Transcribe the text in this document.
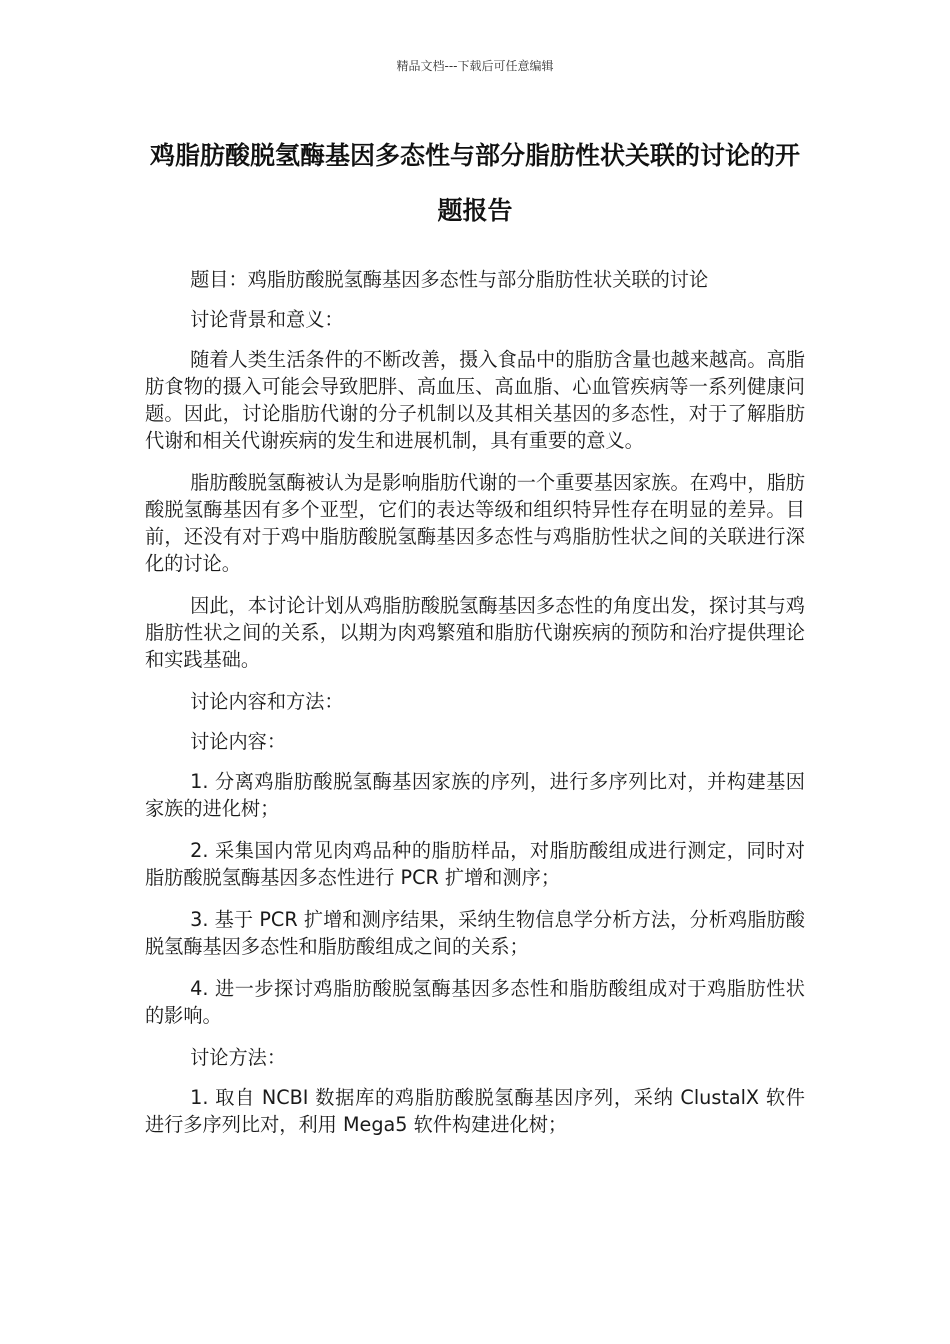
精品文档---下载后可任意编辑
鸡脂肪酸脱氢酶基因多态性与部分脂肪性状关联的讨论的开题报告

题目：鸡脂肪酸脱氢酶基因多态性与部分脂肪性状关联的讨论

讨论背景和意义：

随着人类生活条件的不断改善，摄入食品中的脂肪含量也越来越高。高脂肪食物的摄入可能会导致肥胖、高血压、高血脂、心血管疾病等一系列健康问题。因此，讨论脂肪代谢的分子机制以及其相关基因的多态性，对于了解脂肪代谢和相关代谢疾病的发生和进展机制，具有重要的意义。

脂肪酸脱氢酶被认为是影响脂肪代谢的一个重要基因家族。在鸡中，脂肪酸脱氢酶基因有多个亚型，它们的表达等级和组织特异性存在明显的差异。目前，还没有对于鸡中脂肪酸脱氢酶基因多态性与鸡脂肪性状之间的关联进行深化的讨论。

因此，本讨论计划从鸡脂肪酸脱氢酶基因多态性的角度出发，探讨其与鸡脂肪性状之间的关系，以期为肉鸡繁殖和脂肪代谢疾病的预防和治疗提供理论和实践基础。

讨论内容和方法：

讨论内容：

1. 分离鸡脂肪酸脱氢酶基因家族的序列，进行多序列比对，并构建基因家族的进化树；

2. 采集国内常见肉鸡品种的脂肪样品，对脂肪酸组成进行测定，同时对脂肪酸脱氢酶基因多态性进行 PCR 扩增和测序；

3. 基于 PCR 扩增和测序结果，采纳生物信息学分析方法，分析鸡脂肪酸脱氢酶基因多态性和脂肪酸组成之间的关系；

4. 进一步探讨鸡脂肪酸脱氢酶基因多态性和脂肪酸组成对于鸡脂肪性状的影响。

讨论方法：

1. 取自 NCBI 数据库的鸡脂肪酸脱氢酶基因序列，采纳 ClustalX 软件进行多序列比对，利用 Mega5 软件构建进化树；
